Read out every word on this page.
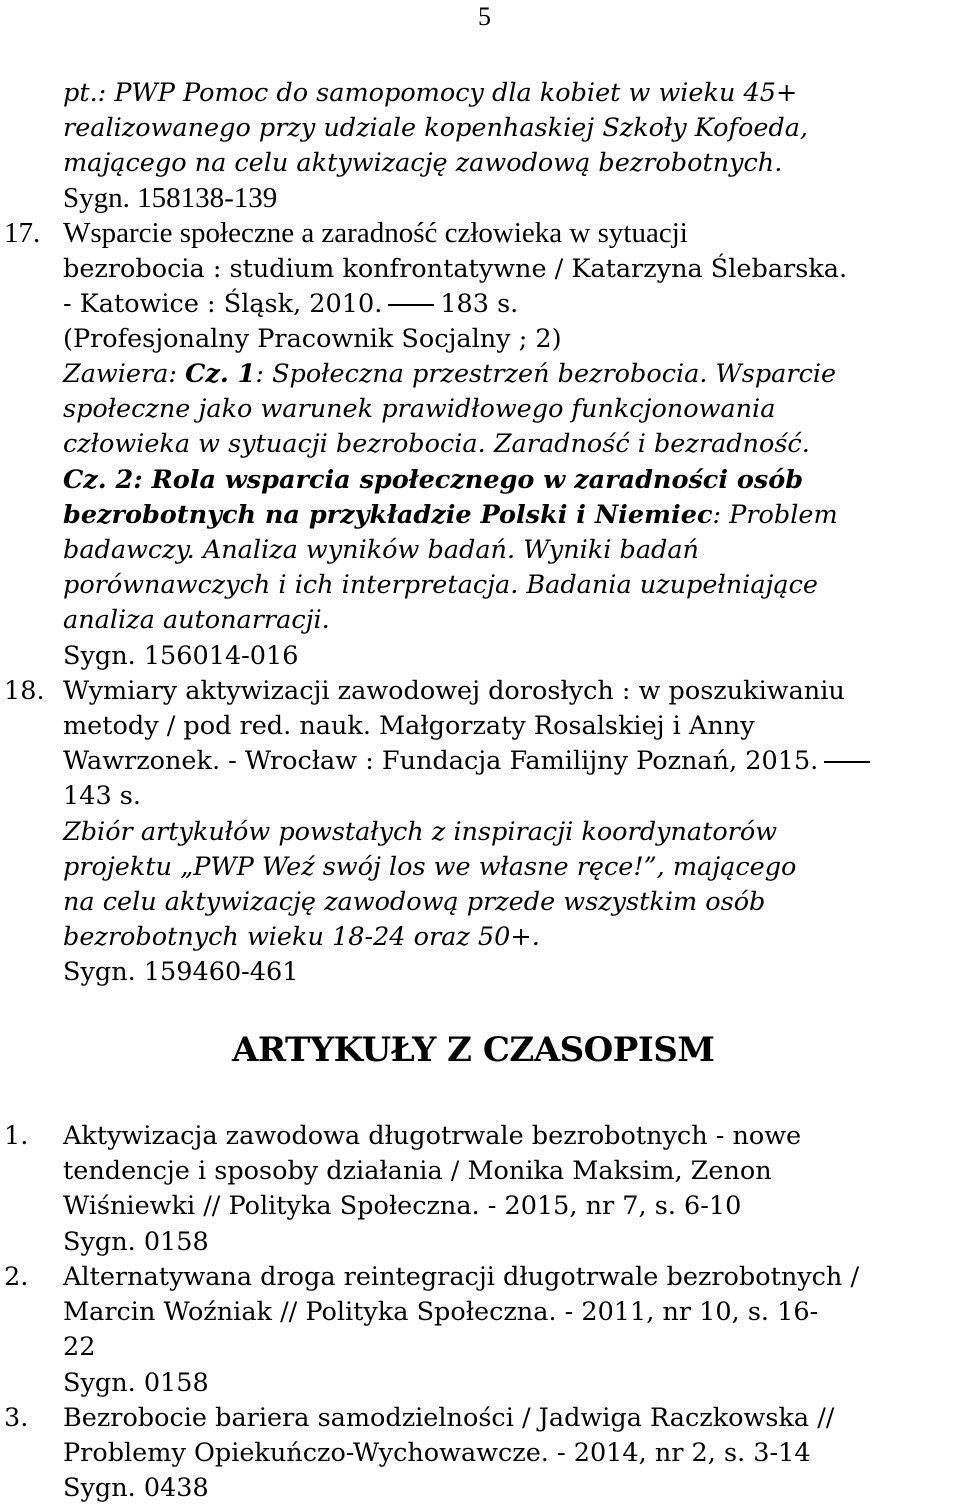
5
pt.: PWP Pomoc do samopomocy dla kobiet w wieku 45+
realizowanego przy udziale kopenhaskiej Szkoły Kofoeda,
mającego na celu aktywizację zawodową bezrobotnych.
Sygn. 158138-139
17. Wsparcie społeczne a zaradność człowieka w sytuacji
bezrobocia : studium konfrontatywne / Katarzyna Ślebarska.
- Katowice : Śląsk, 2010. 183 s.
(Profesjonalny Pracownik Socjalny ; 2)
Zawiera: Cz. 1: Społeczna przestrzeń bezrobocia. Wsparcie
społeczne jako warunek prawidłowego funkcjonowania
człowieka w sytuacji bezrobocia. Zaradność i bezradność.
Cz. 2: Rola wsparcia społecznego w zaradności osób
bezrobotnych na przykładzie Polski i Niemiec: Problem
badawczy. Analiza wyników badań. Wyniki badań
porównawczych i ich interpretacja. Badania uzupełniające
analiza autonarracji.
Sygn. 156014-016
18. Wymiary aktywizacji zawodowej dorosłych : w poszukiwaniu
metody / pod red. nauk. Małgorzaty Rosalskiej i Anny
Wawrzonek. - Wrocław : Fundacja Familijny Poznań, 2015.
143 s.
Zbiór artykułów powstałych z inspiracji koordynatorów
projektu „PWP Weź swój los we własne ręce!”, mającego
na celu aktywizację zawodową przede wszystkim osób
bezrobotnych wieku 18-24 oraz 50+.
Sygn. 159460-461
ARTYKUŁY Z CZASOPISM
1. Aktywizacja zawodowa długotrwale bezrobotnych - nowe
tendencje i sposoby działania / Monika Maksim, Zenon
Wiśniewki // Polityka Społeczna. - 2015, nr 7, s. 6-10
Sygn. 0158
2. Alternatywana droga reintegracji długotrwale bezrobotnych /
Marcin Woźniak // Polityka Społeczna. - 2011, nr 10, s. 16-
22
Sygn. 0158
3. Bezrobocie bariera samodzielności / Jadwiga Raczkowska //
Problemy Opiekuńczo-Wychowawcze. - 2014, nr 2, s. 3-14
Sygn. 0438
